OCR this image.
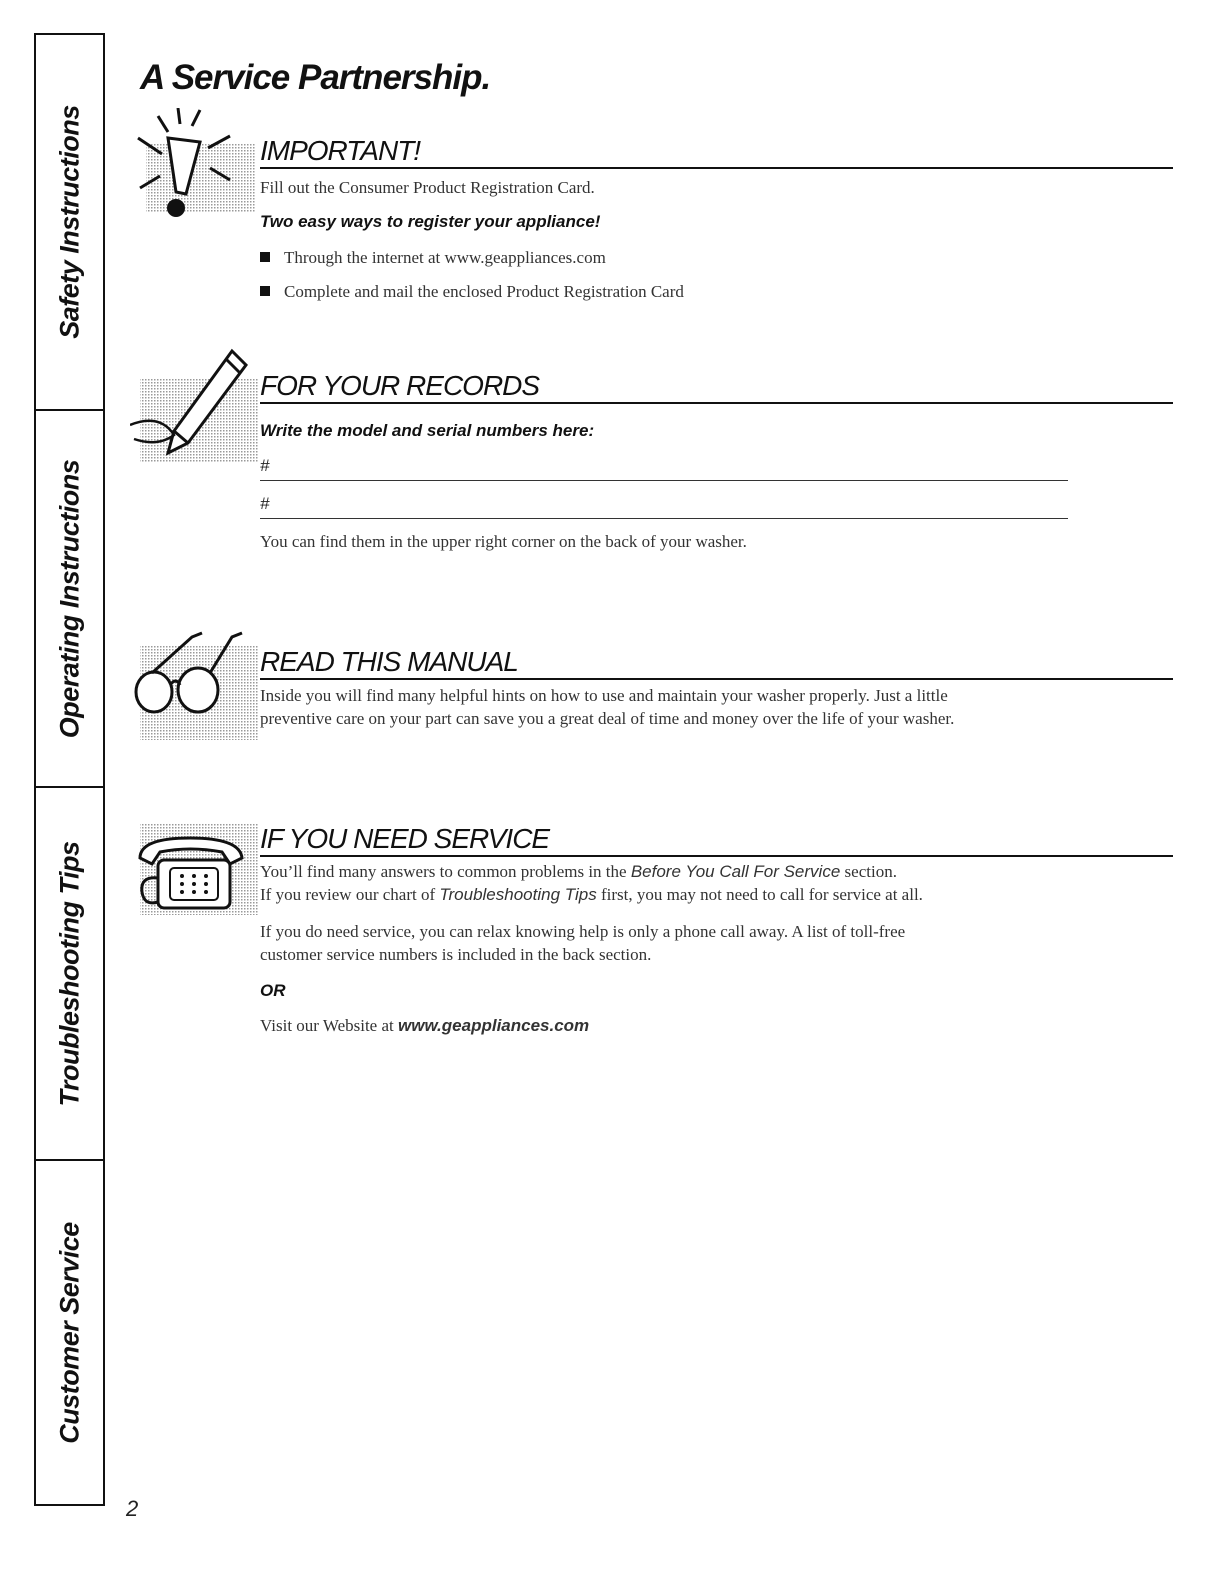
Safety Instructions
Operating Instructions
Troubleshooting Tips
Customer Service
A Service Partnership.
IMPORTANT!

Fill out the Consumer Product Registration Card.

Two easy ways to register your appliance!

Through the internet at www.geappliances.com
Complete and mail the enclosed Product Registration Card
FOR YOUR RECORDS

Write the model and serial numbers here:

#
#

You can find them in the upper right corner on the back of your washer.

READ THIS MANUAL

Inside you will find many helpful hints on how to use and maintain your washer properly. Just a little

preventive care on your part can save you a great deal of time and money over the life of your washer.

IF YOU NEED SERVICE

You’ll find many answers to common problems in the Before You Call For Service section.

If you review our chart of Troubleshooting Tips first, you may not need to call for service at all.

If you do need service, you can relax knowing help is only a phone call away. A list of toll-free

customer service numbers is included in the back section.

OR

Visit our Website at www.geappliances.com

2
